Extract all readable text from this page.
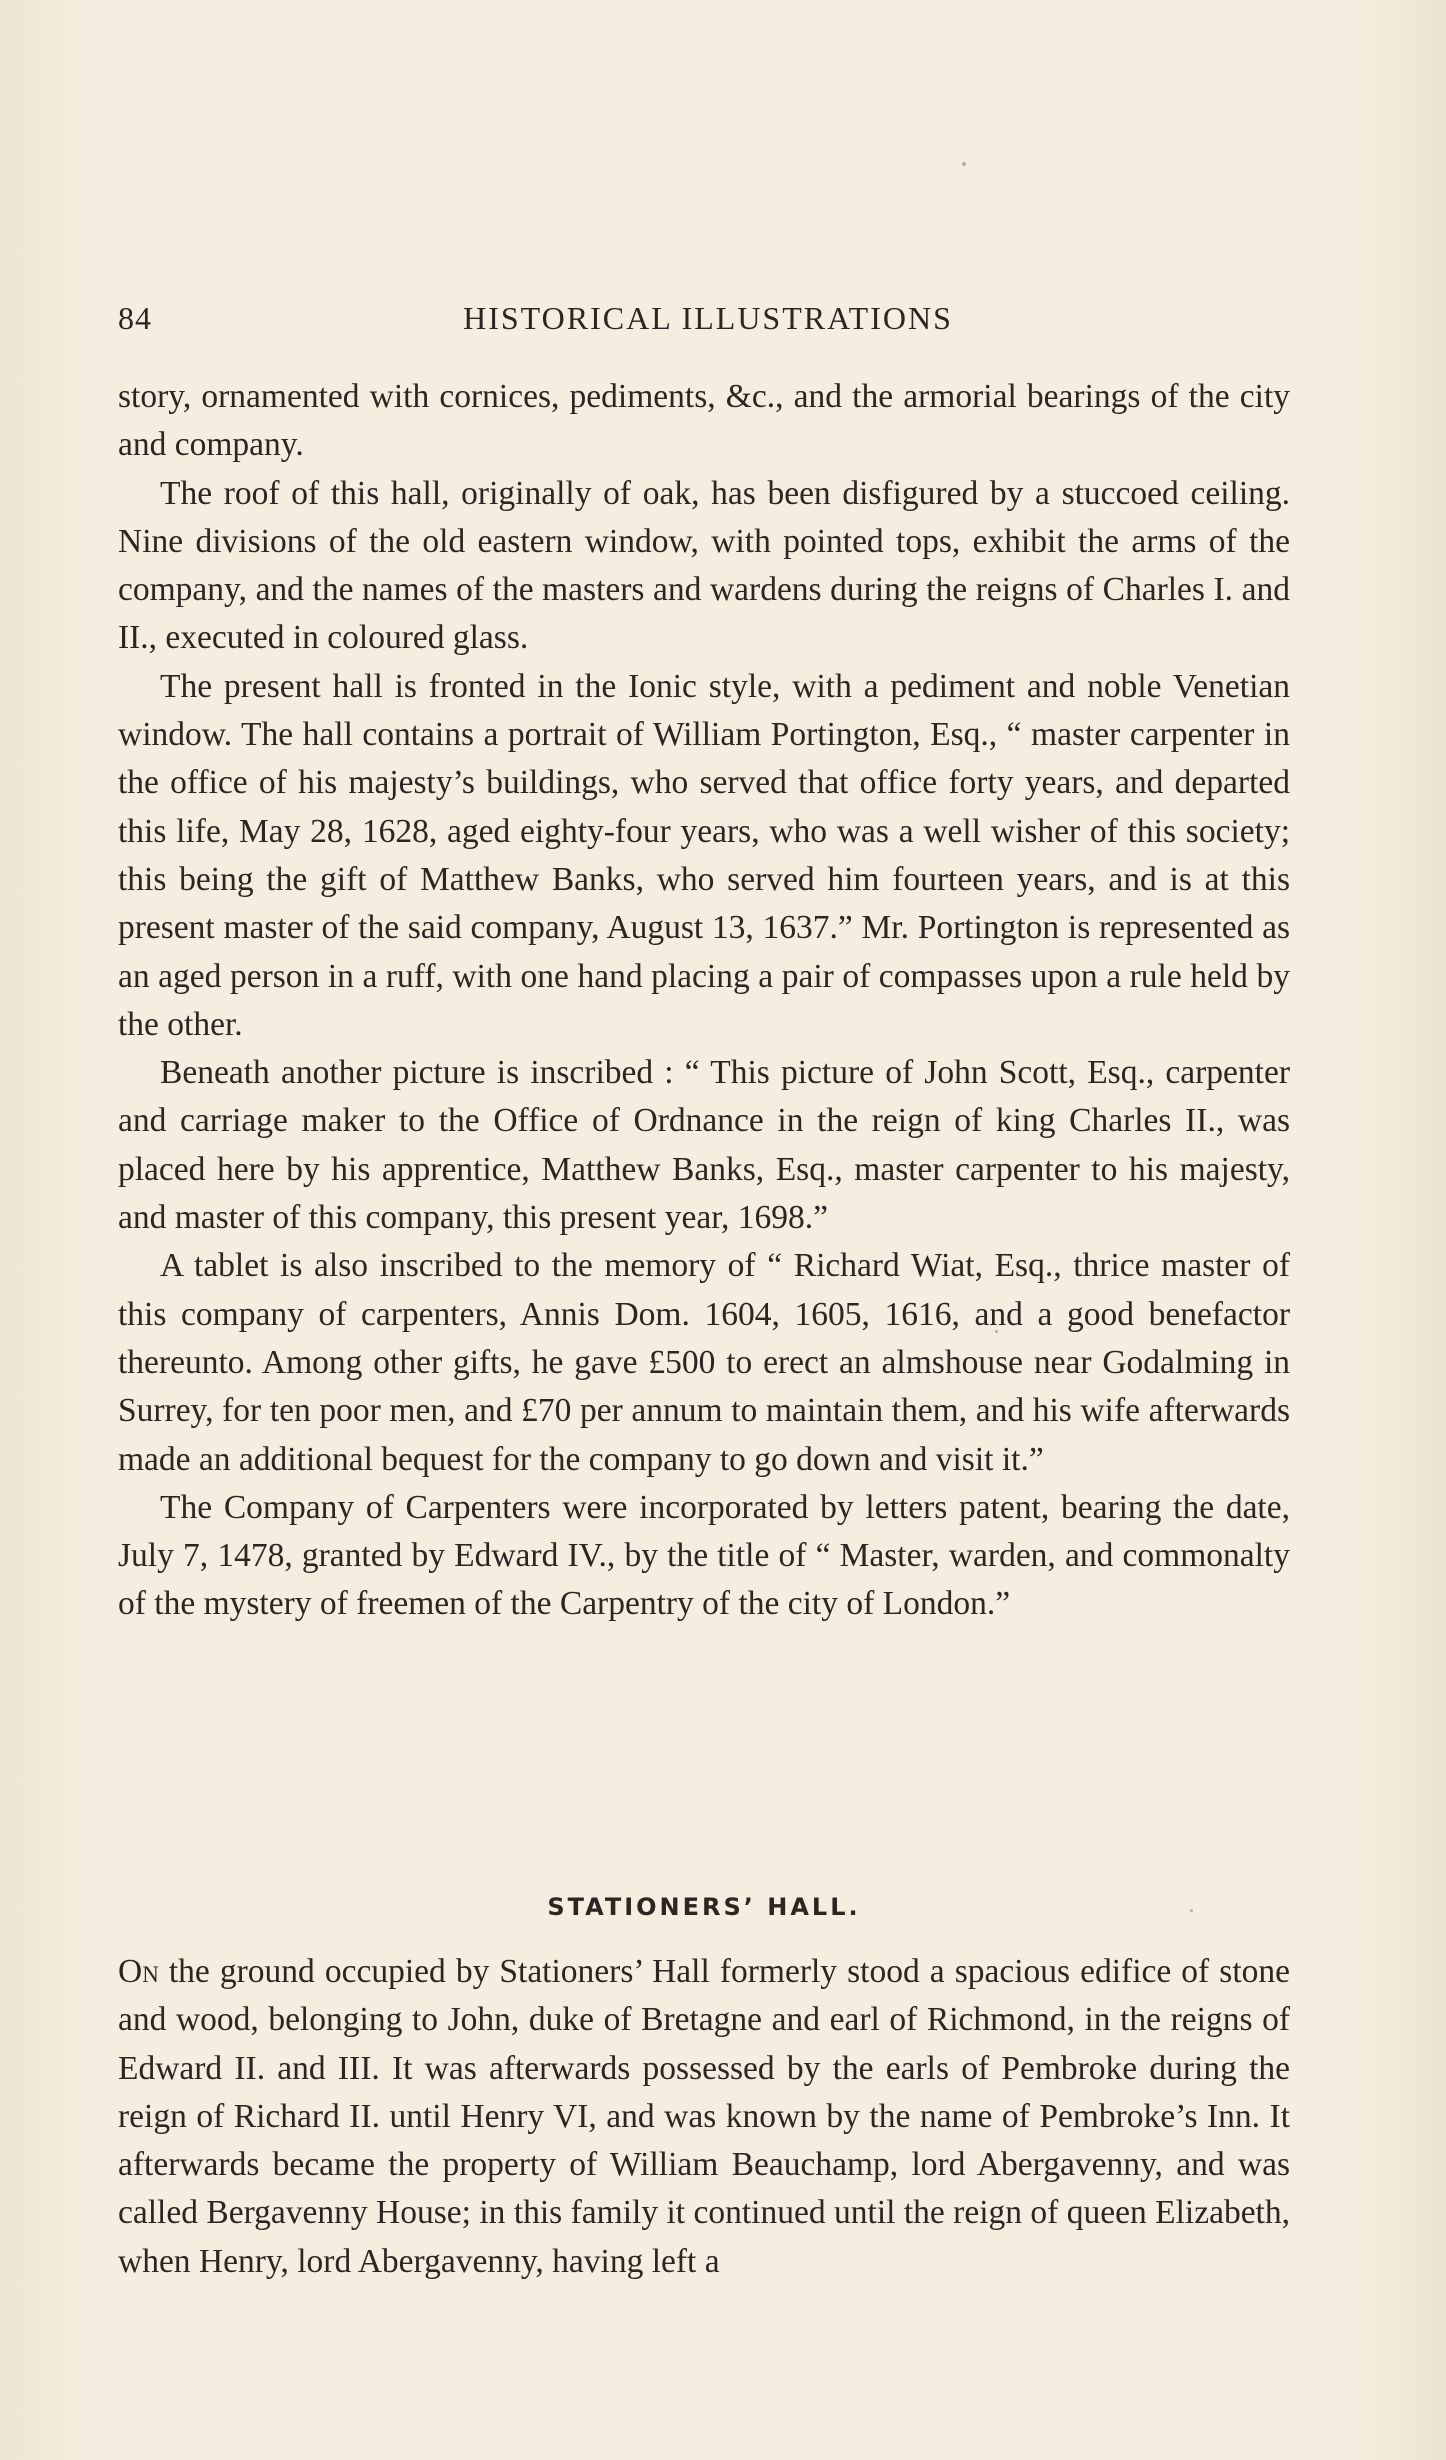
84	HISTORICAL ILLUSTRATIONS

story, ornamented with cornices, pediments, &c., and the armorial bearings of the city and company.

The roof of this hall, originally of oak, has been disfigured by a stuccoed ceiling. Nine divisions of the old eastern window, with pointed tops, exhibit the arms of the company, and the names of the masters and wardens during the reigns of Charles I. and II., executed in coloured glass.

The present hall is fronted in the Ionic style, with a pediment and noble Venetian window. The hall contains a portrait of William Portington, Esq., “ master carpenter in the office of his majesty’s buildings, who served that office forty years, and departed this life, May 28, 1628, aged eighty-four years, who was a well wisher of this society; this being the gift of Matthew Banks, who served him fourteen years, and is at this present master of the said company, August 13, 1637.” Mr. Portington is represented as an aged person in a ruff, with one hand placing a pair of compasses upon a rule held by the other.

Beneath another picture is inscribed : “ This picture of John Scott, Esq., carpenter and carriage maker to the Office of Ordnance in the reign of king Charles II., was placed here by his apprentice, Matthew Banks, Esq., master carpenter to his majesty, and master of this company, this present year, 1698.”

A tablet is also inscribed to the memory of “ Richard Wiat, Esq., thrice master of this company of carpenters, Annis Dom. 1604, 1605, 1616, and a good benefactor thereunto. Among other gifts, he gave £500 to erect an almshouse near Godalming in Surrey, for ten poor men, and £70 per annum to maintain them, and his wife afterwards made an additional bequest for the company to go down and visit it.”

The Company of Carpenters were incorporated by letters patent, bearing the date, July 7, 1478, granted by Edward IV., by the title of “ Master, warden, and commonalty of the mystery of freemen of the Carpentry of the city of London.”

STATIONERS’ HALL.

On the ground occupied by Stationers’ Hall formerly stood a spacious edifice of stone and wood, belonging to John, duke of Bretagne and earl of Richmond, in the reigns of Edward II. and III. It was afterwards possessed by the earls of Pembroke during the reign of Richard II. until Henry VI, and was known by the name of Pembroke’s Inn. It afterwards became the property of William Beauchamp, lord Abergavenny, and was called Bergavenny House; in this family it continued until the reign of queen Elizabeth, when Henry, lord Abergavenny, having left a
